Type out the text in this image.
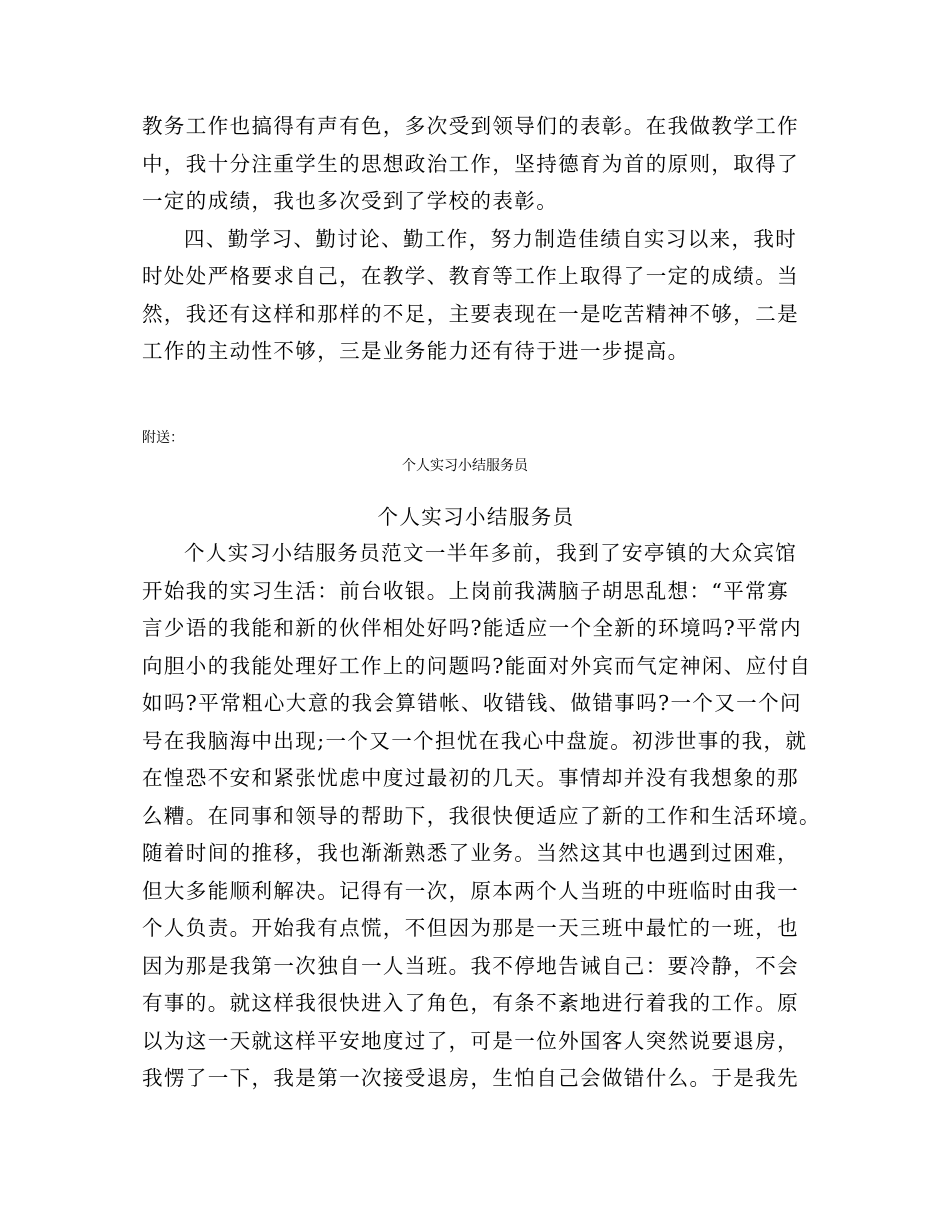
教务工作也搞得有声有色，多次受到领导们的表彰。在我做教学工作
中，我十分注重学生的思想政治工作，坚持德育为首的原则，取得了
一定的成绩，我也多次受到了学校的表彰。
四、勤学习、勤讨论、勤工作，努力制造佳绩自实习以来，我时
时处处严格要求自己，在教学、教育等工作上取得了一定的成绩。当
然，我还有这样和那样的不足，主要表现在一是吃苦精神不够，二是
工作的主动性不够，三是业务能力还有待于进一步提高。
附送：
个人实习小结服务员
个人实习小结服务员
个人实习小结服务员范文一半年多前，我到了安亭镇的大众宾馆
开始我的实习生活：前台收银。上岗前我满脑子胡思乱想：“平常寡
言少语的我能和新的伙伴相处好吗?能适应一个全新的环境吗?平常内
向胆小的我能处理好工作上的问题吗?能面对外宾而气定神闲、应付自
如吗?平常粗心大意的我会算错帐、收错钱、做错事吗?一个又一个问
号在我脑海中出现;一个又一个担忧在我心中盘旋。初涉世事的我，就
在惶恐不安和紧张忧虑中度过最初的几天。事情却并没有我想象的那
么糟。在同事和领导的帮助下，我很快便适应了新的工作和生活环境。
随着时间的推移，我也渐渐熟悉了业务。当然这其中也遇到过困难，
但大多能顺利解决。记得有一次，原本两个人当班的中班临时由我一
个人负责。开始我有点慌，不但因为那是一天三班中最忙的一班，也
因为那是我第一次独自一人当班。我不停地告诫自己：要冷静，不会
有事的。就这样我很快进入了角色，有条不紊地进行着我的工作。原
以为这一天就这样平安地度过了，可是一位外国客人突然说要退房，
我愣了一下，我是第一次接受退房，生怕自己会做错什么。于是我先
